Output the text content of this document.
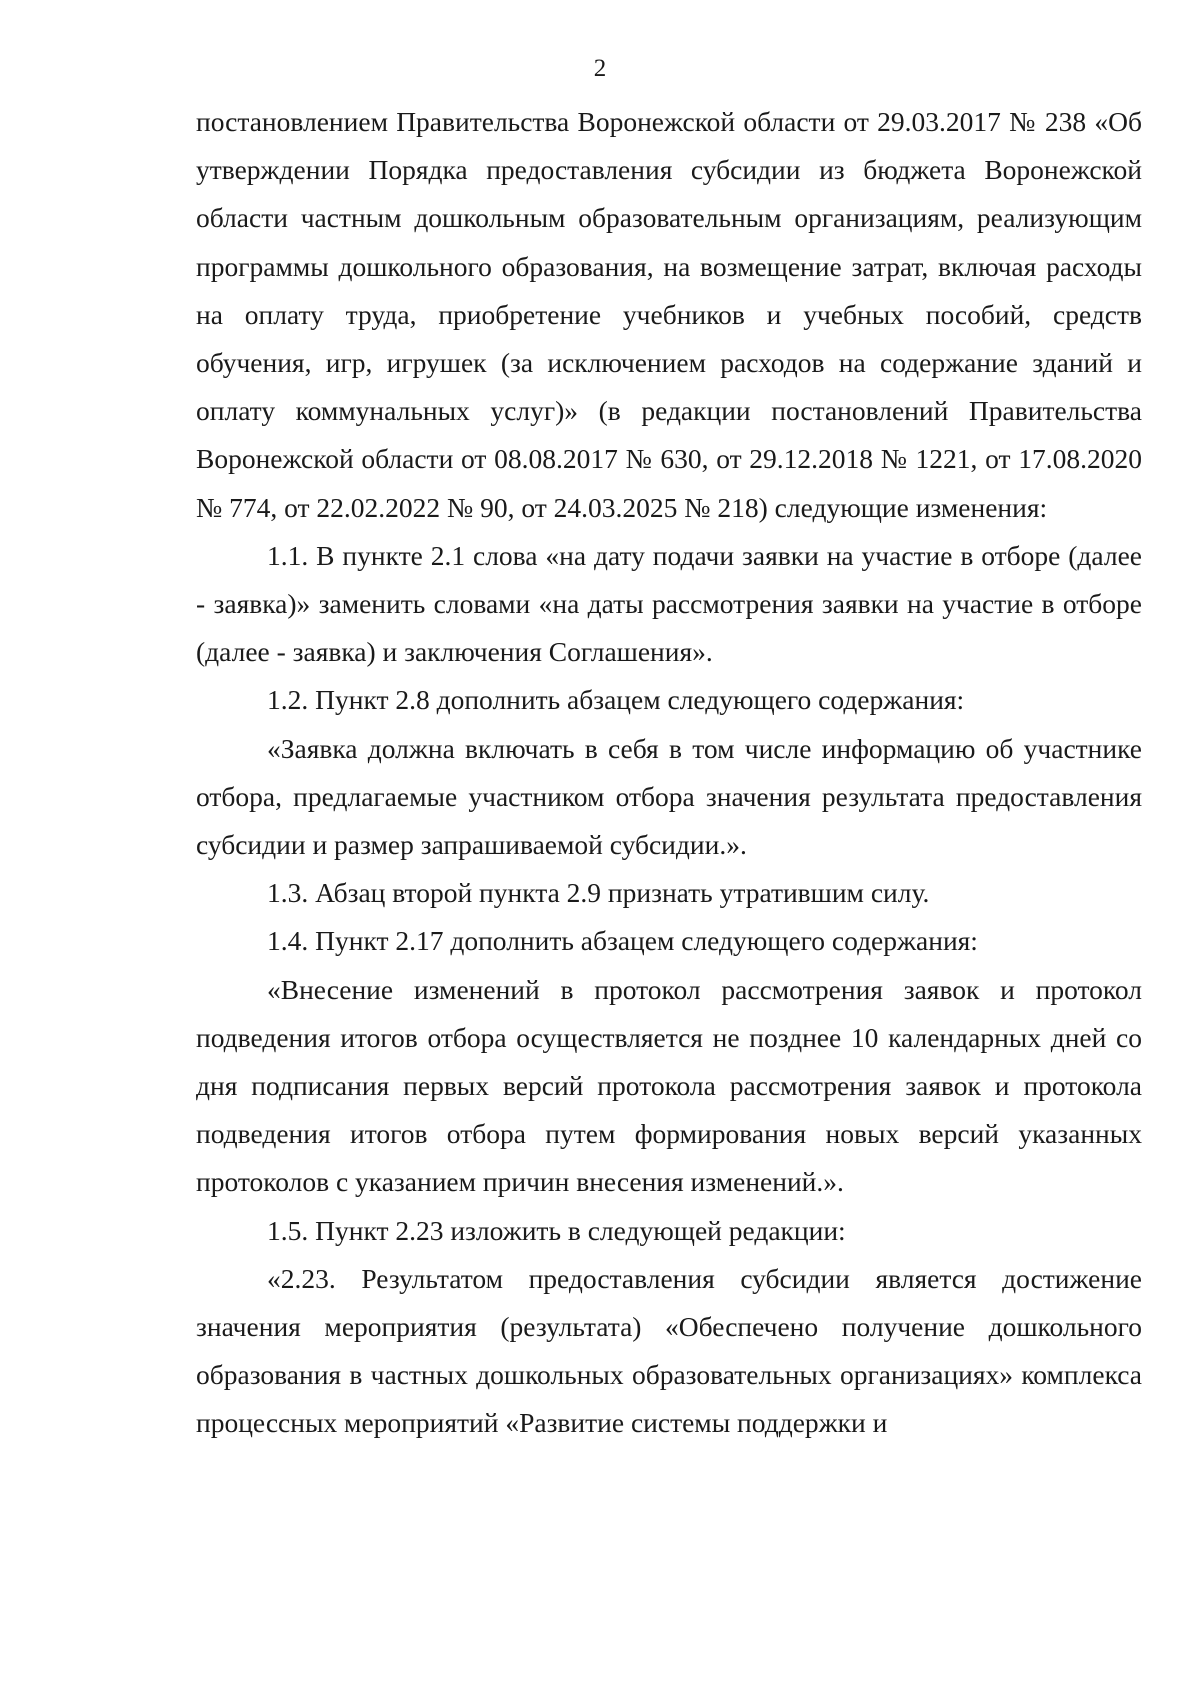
2

постановлением Правительства Воронежской области от 29.03.2017 № 238 «Об утверждении Порядка предоставления субсидии из бюджета Воронежской области частным дошкольным образовательным организациям, реализующим программы дошкольного образования, на возмещение затрат, включая расходы на оплату труда, приобретение учебников и учебных пособий, средств обучения, игр, игрушек (за исключением расходов на содержание зданий и оплату коммунальных услуг)» (в редакции постановлений Правительства Воронежской области от 08.08.2017 № 630, от 29.12.2018 № 1221, от 17.08.2020 № 774, от 22.02.2022 № 90, от 24.03.2025 № 218) следующие изменения:

1.1. В пункте 2.1 слова «на дату подачи заявки на участие в отборе (далее - заявка)» заменить словами «на даты рассмотрения заявки на участие в отборе (далее - заявка) и заключения Соглашения».

1.2. Пункт 2.8 дополнить абзацем следующего содержания:

«Заявка должна включать в себя в том числе информацию об участнике отбора, предлагаемые участником отбора значения результата предоставления субсидии и размер запрашиваемой субсидии.».

1.3. Абзац второй пункта 2.9 признать утратившим силу.

1.4. Пункт 2.17 дополнить абзацем следующего содержания:

«Внесение изменений в протокол рассмотрения заявок и протокол подведения итогов отбора осуществляется не позднее 10 календарных дней со дня подписания первых версий протокола рассмотрения заявок и протокола подведения итогов отбора путем формирования новых версий указанных протоколов с указанием причин внесения изменений.».

1.5. Пункт 2.23 изложить в следующей редакции:

«2.23. Результатом предоставления субсидии является достижение значения мероприятия (результата) «Обеспечено получение дошкольного образования в частных дошкольных образовательных организациях» комплекса процессных мероприятий «Развитие системы поддержки и
